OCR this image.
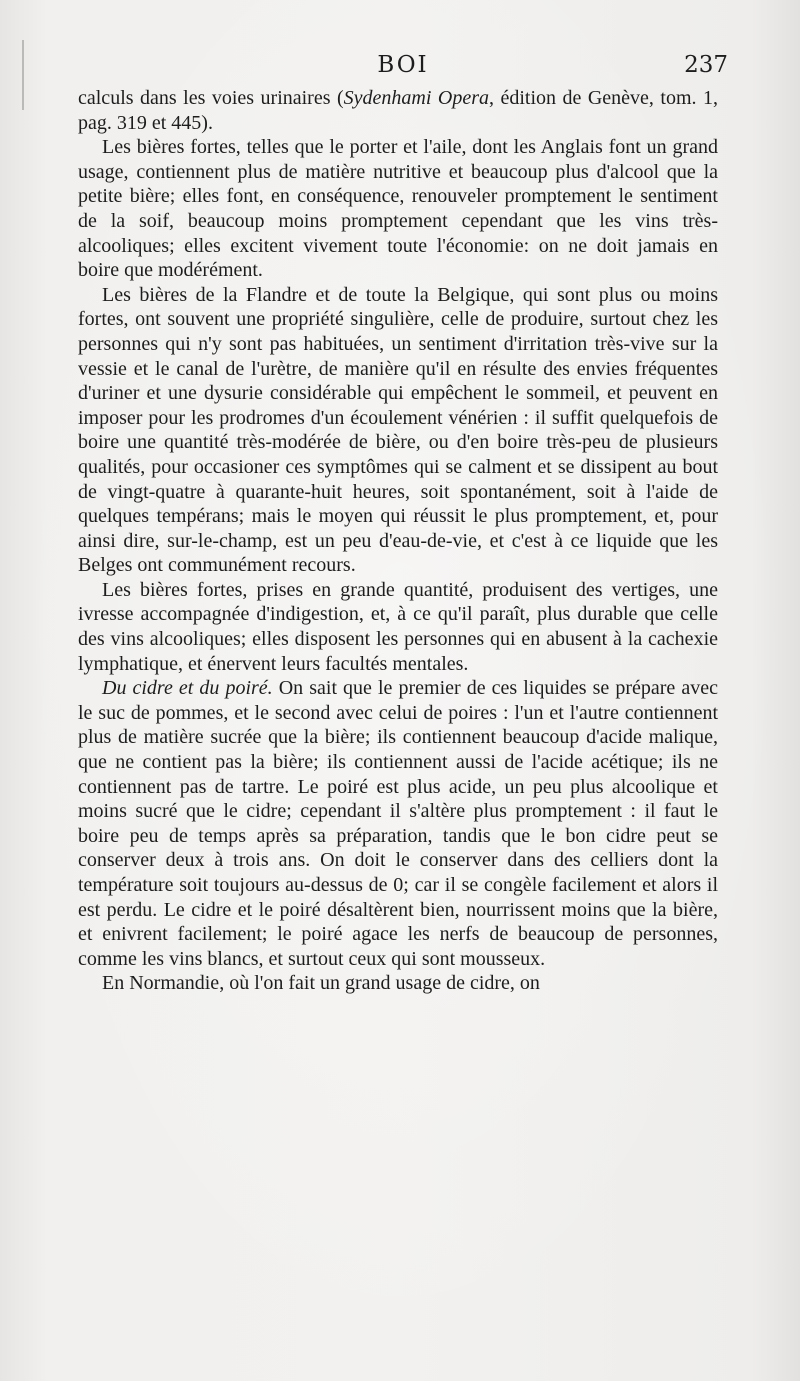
BOI	237

calculs dans les voies urinaires (Sydenhami Opera, édition de Genève, tom. 1, pag. 319 et 445).

Les bières fortes, telles que le porter et l'aile, dont les Anglais font un grand usage, contiennent plus de matière nutritive et beaucoup plus d'alcool que la petite bière; elles font, en conséquence, renouveler promptement le sentiment de la soif, beaucoup moins promptement cependant que les vins très-alcooliques; elles excitent vivement toute l'économie: on ne doit jamais en boire que modérément.

Les bières de la Flandre et de toute la Belgique, qui sont plus ou moins fortes, ont souvent une propriété singulière, celle de produire, surtout chez les personnes qui n'y sont pas habituées, un sentiment d'irritation très-vive sur la vessie et le canal de l'urètre, de manière qu'il en résulte des envies fréquentes d'uriner et une dysurie considérable qui empêchent le sommeil, et peuvent en imposer pour les prodromes d'un écoulement vénérien : il suffit quelquefois de boire une quantité très-modérée de bière, ou d'en boire très-peu de plusieurs qualités, pour occasioner ces symptômes qui se calment et se dissipent au bout de vingt-quatre à quarante-huit heures, soit spontanément, soit à l'aide de quelques tempérans; mais le moyen qui réussit le plus promptement, et, pour ainsi dire, sur-le-champ, est un peu d'eau-de-vie, et c'est à ce liquide que les Belges ont communément recours.

Les bières fortes, prises en grande quantité, produisent des vertiges, une ivresse accompagnée d'indigestion, et, à ce qu'il paraît, plus durable que celle des vins alcooliques; elles disposent les personnes qui en abusent à la cachexie lymphatique, et énervent leurs facultés mentales.

Du cidre et du poiré. On sait que le premier de ces liquides se prépare avec le suc de pommes, et le second avec celui de poires : l'un et l'autre contiennent plus de matière sucrée que la bière; ils contiennent beaucoup d'acide malique, que ne contient pas la bière; ils contiennent aussi de l'acide acétique; ils ne contiennent pas de tartre. Le poiré est plus acide, un peu plus alcoolique et moins sucré que le cidre; cependant il s'altère plus promptement : il faut le boire peu de temps après sa préparation, tandis que le bon cidre peut se conserver deux à trois ans. On doit le conserver dans des celliers dont la température soit toujours au-dessus de 0; car il se congèle facilement et alors il est perdu. Le cidre et le poiré désaltèrent bien, nourrissent moins que la bière, et enivrent facilement; le poiré agace les nerfs de beaucoup de personnes, comme les vins blancs, et surtout ceux qui sont mousseux.

En Normandie, où l'on fait un grand usage de cidre, on
